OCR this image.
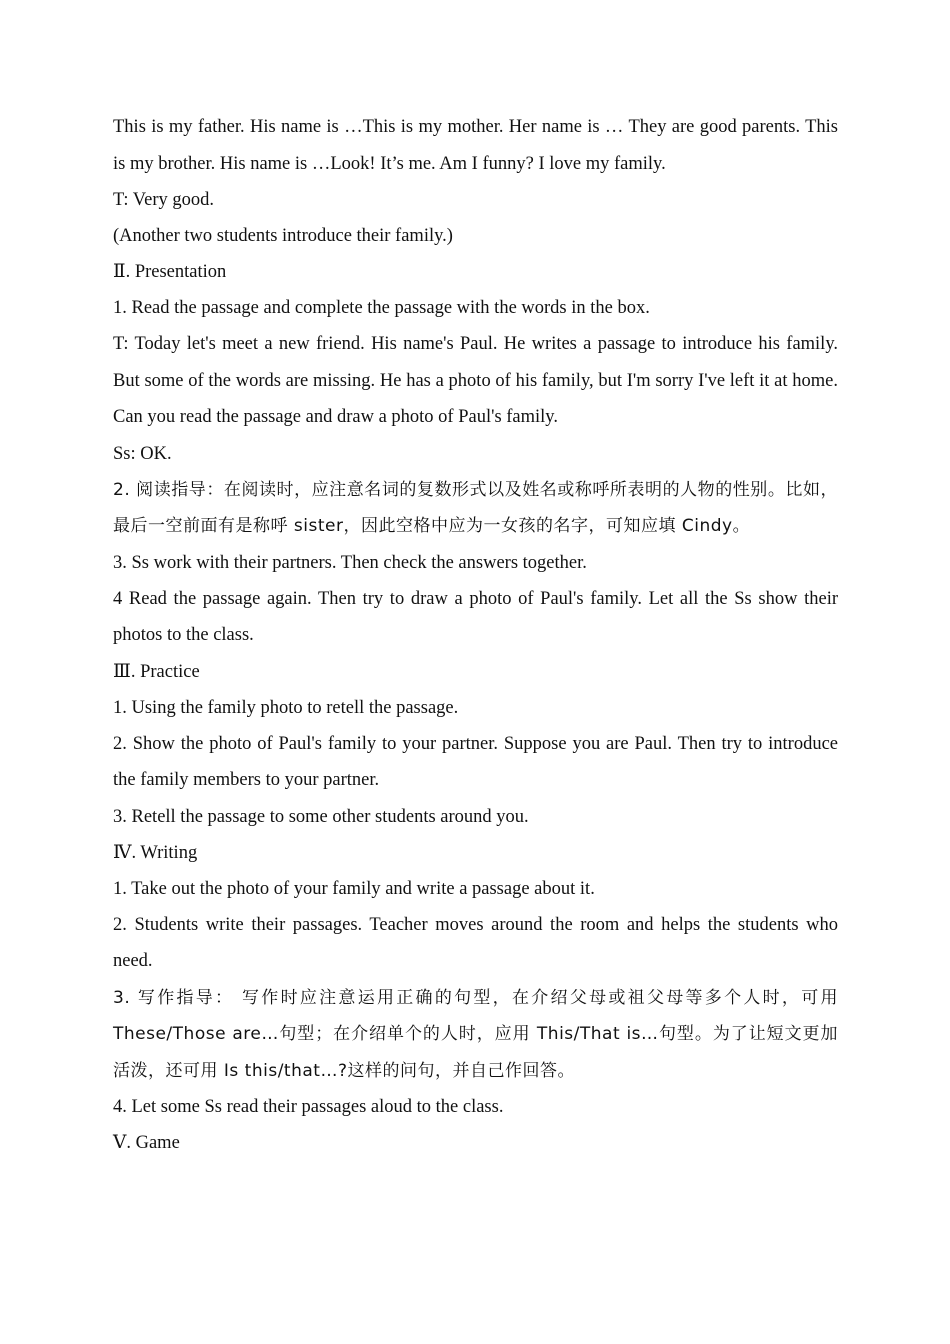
This is my father. His name is …This is my mother. Her name is … They are good parents. This is my brother. His name is …Look! It’s me. Am I funny? I love my family.

T: Very good.

(Another two students introduce their family.)

Ⅱ. Presentation

1. Read the passage and complete the passage with the words in the box.

T: Today let's meet a new friend. His name's Paul. He writes a passage to introduce his family. But some of the words are missing. He has a photo of his family, but I'm sorry I've left it at home. Can you read the passage and draw a photo of Paul's family.

Ss: OK.

2. 阅读指导：在阅读时，应注意名词的复数形式以及姓名或称呼所表明的人物的性别。比如，最后一空前面有是称呼 sister，因此空格中应为一女孩的名字，可知应填 Cindy。

3. Ss work with their partners. Then check the answers together.

4 Read the passage again. Then try to draw a photo of Paul's family. Let all the Ss show their photos to the class.

Ⅲ. Practice

1. Using the family photo to retell the passage.

2. Show the photo of Paul's family to your partner. Suppose you are Paul. Then try to introduce the family members to your partner.

3. Retell the passage to some other students around you.

Ⅳ. Writing

1. Take out the photo of your family and write a passage about it.

2. Students write their passages. Teacher moves around the room and helps the students who need.

3. 写作指导： 写作时应注意运用正确的句型，在介绍父母或祖父母等多个人时，可用 These/Those are…句型；在介绍单个的人时，应用 This/That is…句型。为了让短文更加活泼，还可用 Is this/that…?这样的问句，并自己作回答。

4. Let some Ss read their passages aloud to the class.

Ⅴ. Game
